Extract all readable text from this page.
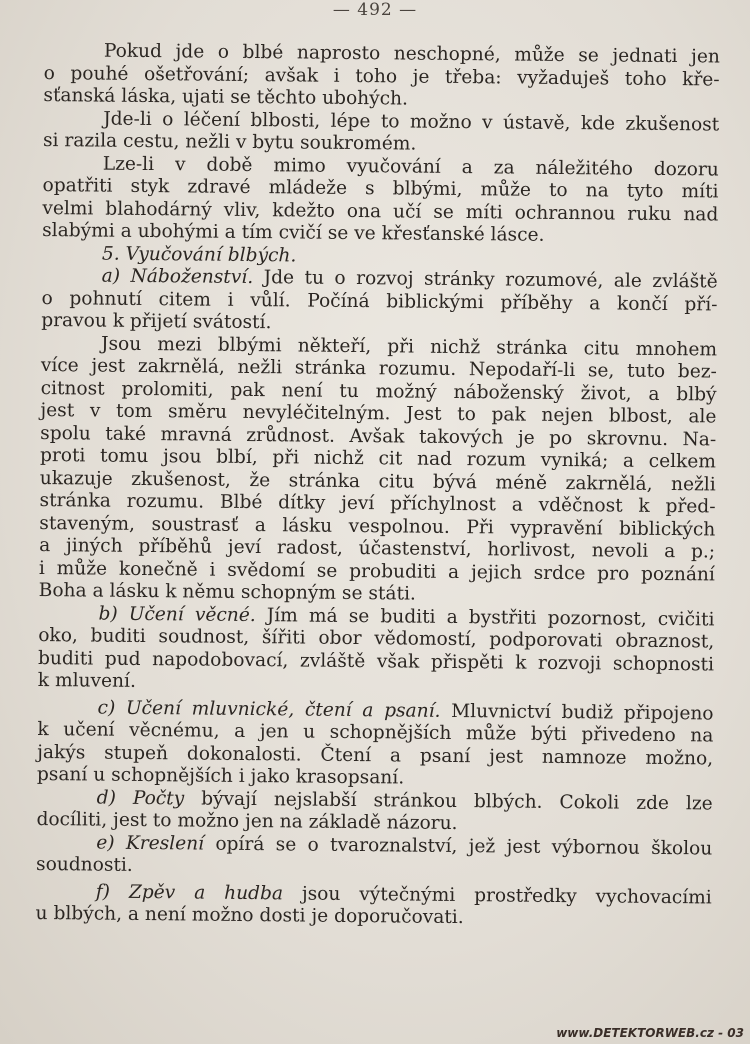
— 492 —
Pokud jde o blbé naprosto neschopné, může se jednati jen
o pouhé ošetřování; avšak i toho je třeba: vyžaduješ toho kře-
sťanská láska, ujati se těchto ubohých.
Jde-li o léčení blbosti, lépe to možno v ústavě, kde zkušenost
si razila cestu, nežli v bytu soukromém.
Lze-li v době mimo vyučování a za náležitého dozoru
opatřiti styk zdravé mládeže s blbými, může to na tyto míti
velmi blahodárný vliv, kdežto ona učí se míti ochrannou ruku nad
slabými a ubohými a tím cvičí se ve křesťanské lásce.
5. Vyučování blbých.
a) Náboženství. Jde tu o rozvoj stránky rozumové, ale zvláště
o pohnutí citem i vůlí. Počíná biblickými příběhy a končí pří-
pravou k přijetí svátostí.
Jsou mezi blbými někteří, při nichž stránka citu mnohem
více jest zakrnělá, nežli stránka rozumu. Nepodaří-li se, tuto bez-
citnost prolomiti, pak není tu možný náboženský život, a blbý
jest v tom směru nevyléčitelným. Jest to pak nejen blbost, ale
spolu také mravná zrůdnost. Avšak takových je po skrovnu. Na-
proti tomu jsou blbí, při nichž cit nad rozum vyniká; a celkem
ukazuje zkušenost, že stránka citu bývá méně zakrnělá, nežli
stránka rozumu. Blbé dítky jeví příchylnost a vděčnost k před-
staveným, soustrasť a lásku vespolnou. Při vypravění biblických
a jiných příběhů jeví radost, účastenství, horlivost, nevoli a p.;
i může konečně i svědomí se probuditi a jejich srdce pro poznání
Boha a lásku k němu schopným se státi.
b) Učení věcné. Jím má se buditi a bystřiti pozornost, cvičiti
oko, buditi soudnost, šířiti obor vědomostí, podporovati obraznost,
buditi pud napodobovací, zvláště však přispěti k rozvoji schopnosti
k mluvení.
c) Učení mluvnické, čtení a psaní. Mluvnictví budiž připojeno
k učení věcnému, a jen u schopnějších může býti přivedeno na
jakýs stupeň dokonalosti. Čtení a psaní jest namnoze možno,
psaní u schopnějších i jako krasopsaní.
d) Počty bývají nejslabší stránkou blbých. Cokoli zde lze
docíliti, jest to možno jen na základě názoru.
e) Kreslení opírá se o tvaroznalství, jež jest výbornou školou
soudnosti.
f) Zpěv a hudba jsou výtečnými prostředky vychovacími
u blbých, a není možno dosti je doporučovati.
www.DETEKTORWEB.cz - 03
